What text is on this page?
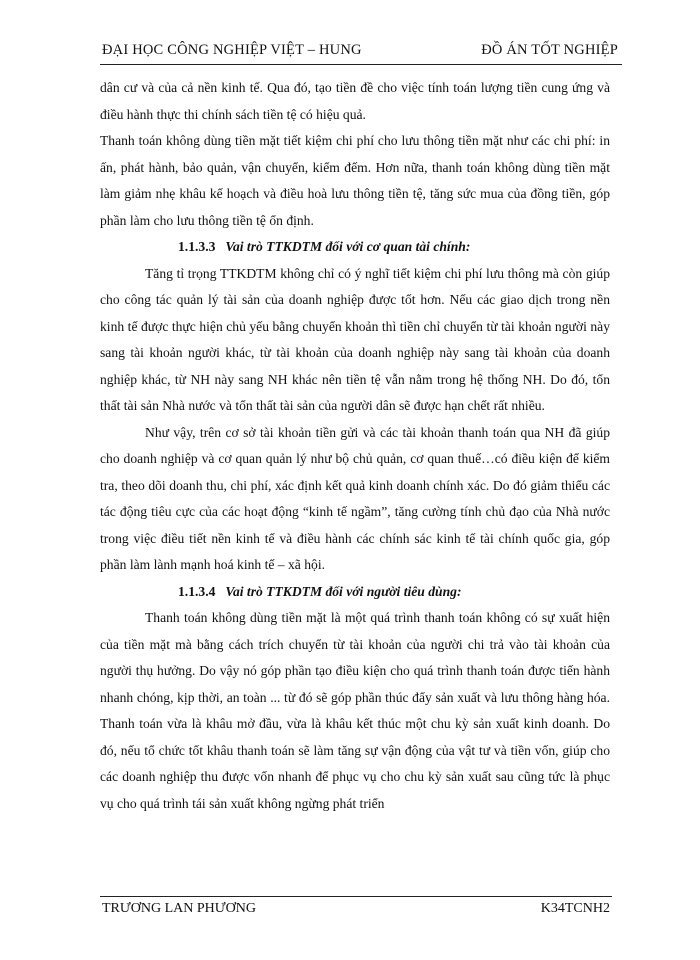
ĐẠI HỌC CÔNG NGHIỆP VIỆT – HUNG	ĐỒ ÁN TỐT NGHIỆP

dân cư và của cả nền kinh tế. Qua đó, tạo tiền đề cho việc tính toán lượng tiền cung ứng và điều hành thực thi chính sách tiền tệ có hiệu quả.

Thanh toán không dùng tiền mặt tiết kiệm chi phí cho lưu thông tiền mặt như các chi phí: in ấn, phát hành, bảo quản, vận chuyển, kiểm đếm. Hơn nữa, thanh toán không dùng tiền mặt làm giảm nhẹ khâu kế hoạch và điều hoà lưu thông tiền tệ, tăng sức mua của đồng tiền, góp phần làm cho lưu thông tiền tệ ổn định.

1.1.3.3 Vai trò TTKDTM đối với cơ quan tài chính:

Tăng tỉ trọng TTKDTM không chỉ có ý nghĩ tiết kiệm chi phí lưu thông mà còn giúp cho công tác quản lý tài sản của doanh nghiệp được tốt hơn. Nếu các giao dịch trong nền kinh tế được thực hiện chủ yếu bằng chuyển khoản thì tiền chỉ chuyển từ tài khoản người này sang tài khoản người khác, từ tài khoản của doanh nghiệp này sang tài khoản của doanh nghiệp khác, từ NH này sang NH khác nên tiền tệ vẫn nằm trong hệ thống NH. Do đó, tổn thất tài sản Nhà nước và tổn thất tài sản của người dân sẽ được hạn chết rất nhiều.

Như vậy, trên cơ sở tài khoản tiền gửi và các tài khoản thanh toán qua NH đã giúp cho doanh nghiệp và cơ quan quản lý như bộ chủ quản, cơ quan thuế…có điều kiện để kiểm tra, theo dõi doanh thu, chi phí, xác định kết quả kinh doanh chính xác. Do đó giảm thiểu các tác động tiêu cực của các hoạt động “kinh tế ngầm”, tăng cường tính chủ đạo của Nhà nước trong việc điều tiết nền kinh tế và điều hành các chính sác kinh tế tài chính quốc gia, góp phần làm lành mạnh hoá kinh tế – xã hội.

1.1.3.4 Vai trò TTKDTM đối với người tiêu dùng:

Thanh toán không dùng tiền mặt là một quá trình thanh toán không có sự xuất hiện của tiền mặt mà bằng cách trích chuyển từ tài khoản của người chi trả vào tài khoản của người thụ hưởng. Do vậy nó góp phần tạo điều kiện cho quá trình thanh toán được tiến hành nhanh chóng, kịp thời, an toàn ... từ đó sẽ góp phần thúc đẩy sản xuất và lưu thông hàng hóa. Thanh toán vừa là khâu mở đầu, vừa là khâu kết thúc một chu kỳ sản xuất kinh doanh. Do đó, nếu tổ chức tốt khâu thanh toán sẽ làm tăng sự vận động của vật tư và tiền vốn, giúp cho các doanh nghiệp thu được vốn nhanh để phục vụ cho chu kỳ sản xuất sau cũng tức là phục vụ cho quá trình tái sản xuất không ngừng phát triển

TRƯƠNG LAN PHƯƠNG	K34TCNH2
